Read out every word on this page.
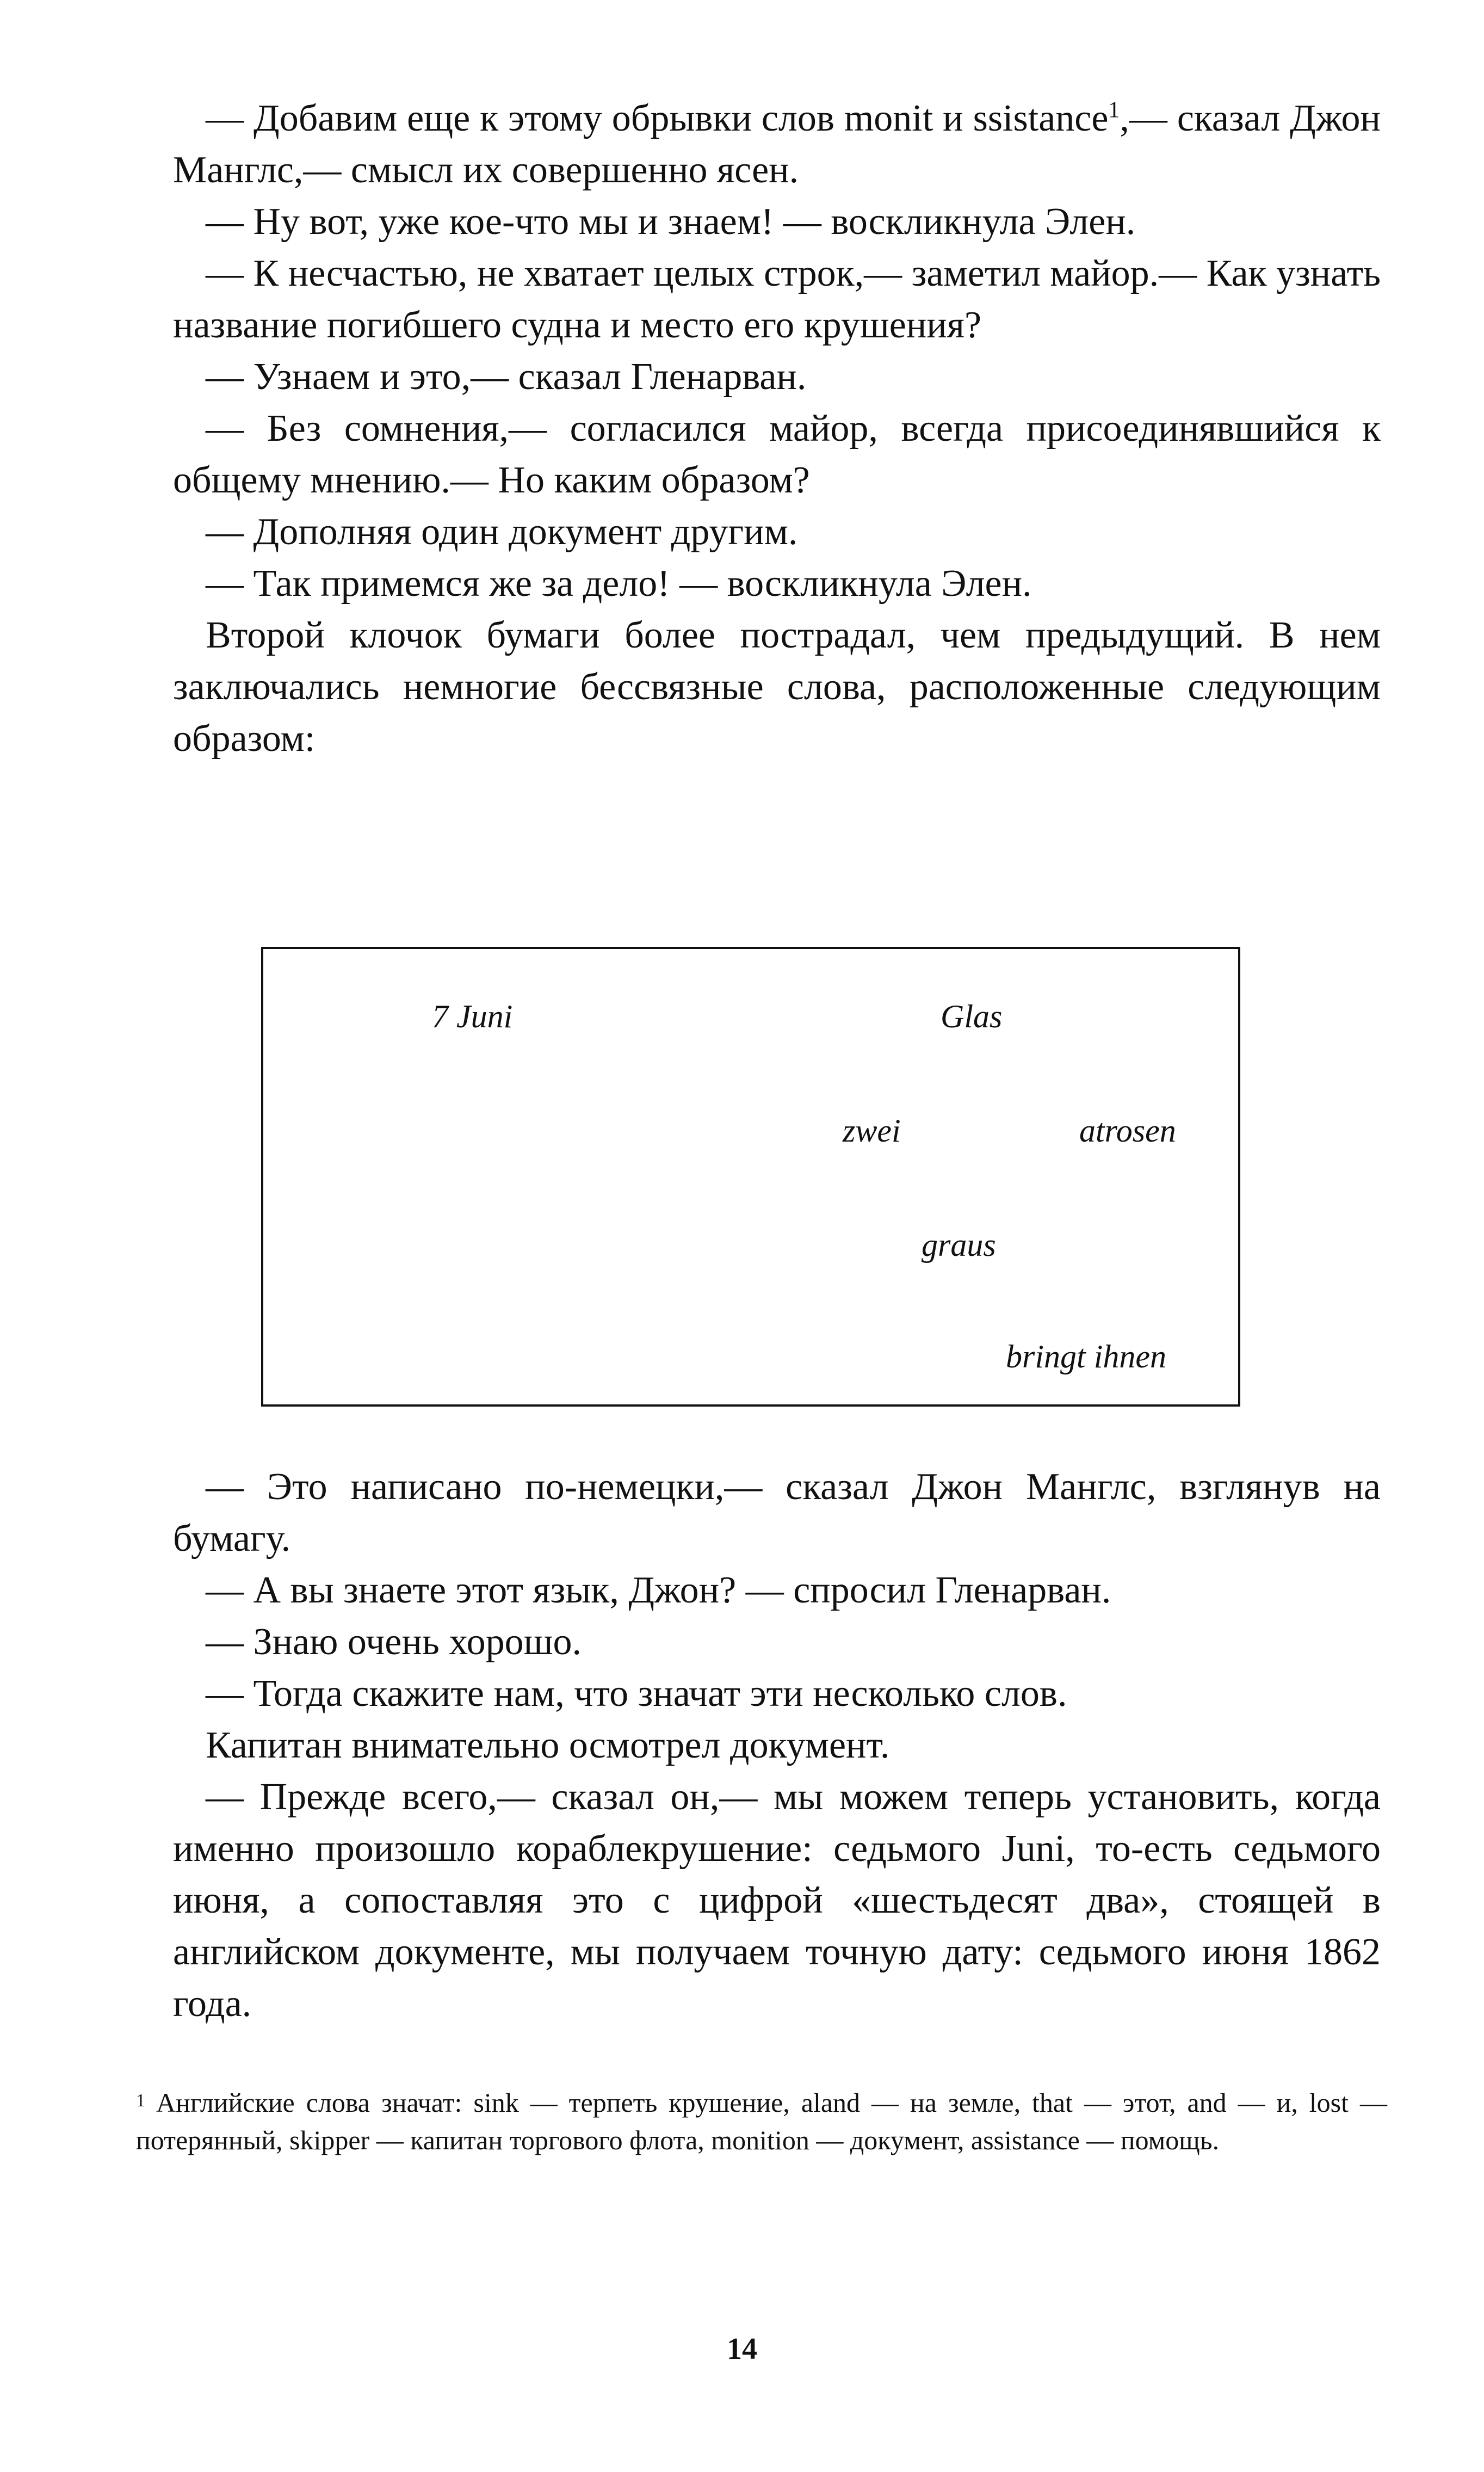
— Добавим еще к этому обрывки слов monit и ssistance$^1$,— сказал Джон Манглс,— смысл их совершенно ясен.

— Ну вот, уже кое-что мы и знаем! — воскликнула Элен.

— К несчастью, не хватает целых строк,— заметил майор.— Как узнать название погибшего судна и место его крушения?

— Узнаем и это,— сказал Гленарван.

— Без сомнения,— согласился майор, всегда присоединявшийся к общему мнению.— Но каким образом?

— Дополняя один документ другим.

— Так примемся же за дело! — воскликнула Элен.

Второй клочок бумаги более пострадал, чем предыдущий. В нем заключались немногие бессвязные слова, расположенные следующим образом:

7 Juni	Glas
zwei	atrosen
graus
bringt ihnen

— Это написано по-немецки,— сказал Джон Манглс, взглянув на бумагу.

— А вы знаете этот язык, Джон? — спросил Гленарван.

— Знаю очень хорошо.

— Тогда скажите нам, что значат эти несколько слов.

Капитан внимательно осмотрел документ.

— Прежде всего,— сказал он,— мы можем теперь установить, когда именно произошло кораблекрушение: седьмого Juni, то-есть седьмого июня, а сопоставляя это с цифрой «шестьдесят два», стоящей в английском документе, мы получаем точную дату: седьмого июня 1862 года.

$^1$ Английские слова значат: sink — терпеть крушение, aland — на земле, that — этот, and — и, lost — потерянный, skipper — капитан торгового флота, monition — документ, assistance — помощь.

14
